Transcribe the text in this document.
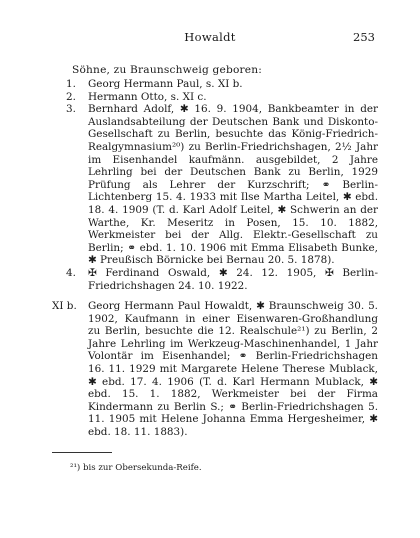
Howaldt	253
Söhne, zu Braunschweig geboren:
1. Georg Hermann Paul, s. XI b.
2. Hermann Otto, s. XI c.
3. Bernhard Adolf, ✱ 16. 9. 1904, Bankbeamter in der Auslandsabteilung der Deutschen Bank und Diskonto-Gesellschaft zu Berlin, besuchte das König-Friedrich-Realgymnasium²⁰) zu Berlin-Friedrichshagen, 2½ Jahr im Eisenhandel kaufmänn. ausgebildet, 2 Jahre Lehrling bei der Deutschen Bank zu Berlin, 1929 Prüfung als Lehrer der Kurzschrift; ⚭ Berlin-Lichtenberg 15. 4. 1933 mit Ilse Martha Leitel, ✱ ebd. 18. 4. 1909 (T. d. Karl Adolf Leitel, ✱ Schwerin an der Warthe, Kr. Meseritz in Posen, 15. 10. 1882, Werkmeister bei der Allg. Elektr.-Gesellschaft zu Berlin; ⚭ ebd. 1. 10. 1906 mit Emma Elisabeth Bunke, ✱ Preußisch Börnicke bei Bernau 20. 5. 1878).
4. ✠ Ferdinand Oswald, ✱ 24. 12. 1905, ✠ Berlin-Friedrichshagen 24. 10. 1922.
XI b. Georg Hermann Paul Howaldt, ✱ Braunschweig 30. 5. 1902, Kaufmann in einer Eisenwaren-Großhandlung zu Berlin, besuchte die 12. Realschule²¹) zu Berlin, 2 Jahre Lehrling im Werkzeug-Maschinenhandel, 1 Jahr Volontär im Eisenhandel; ⚭ Berlin-Friedrichshagen 16. 11. 1929 mit Margarete Helene Therese Mublack, ✱ ebd. 17. 4. 1906 (T. d. Karl Hermann Mublack, ✱ ebd. 15. 1. 1882, Werkmeister bei der Firma Kindermann zu Berlin S.; ⚭ Berlin-Friedrichshagen 5. 11. 1905 mit Helene Johanna Emma Hergesheimer, ✱ ebd. 18. 11. 1883).
²¹) bis zur Obersekunda-Reife.
